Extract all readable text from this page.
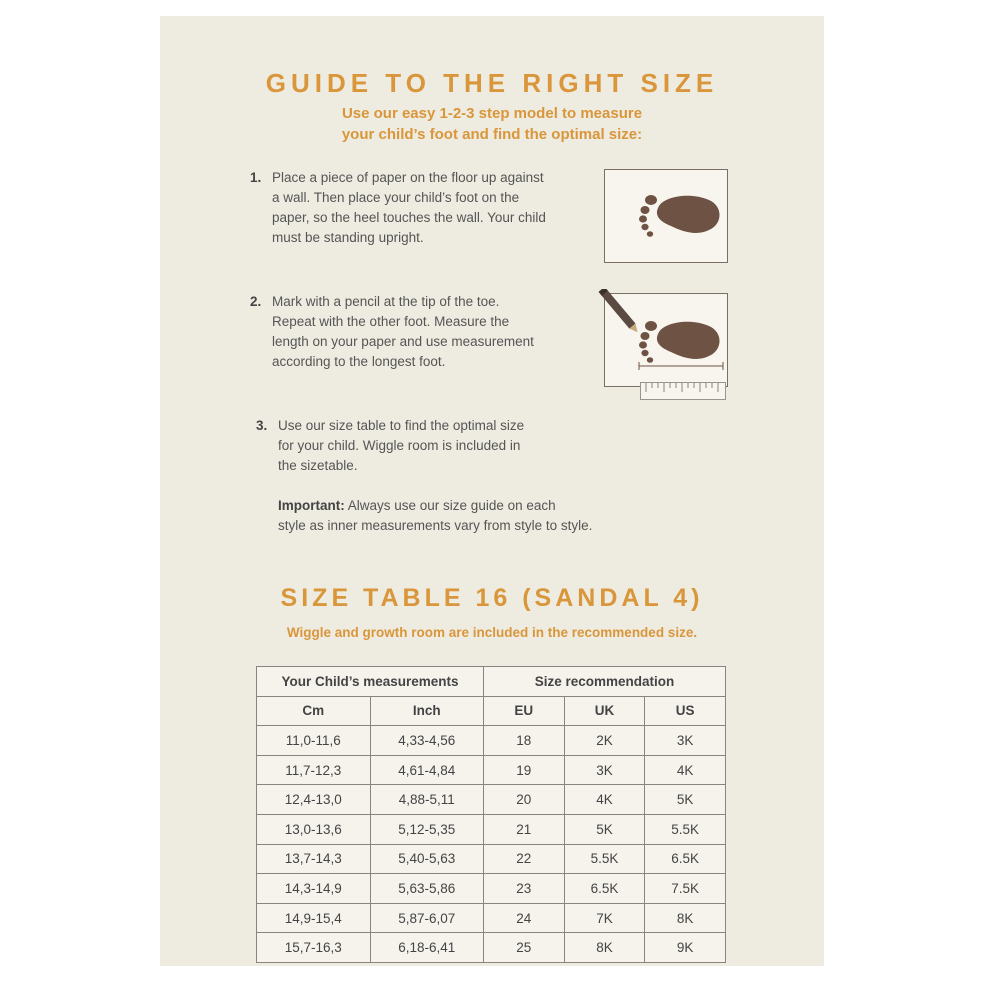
GUIDE TO THE RIGHT SIZE
Use our easy 1-2-3 step model to measure
your child’s foot and find the optimal size:
1. Place a piece of paper on the floor up against
a wall. Then place your child’s foot on the
paper, so the heel touches the wall. Your child
must be standing upright.
2. Mark with a pencil at the tip of the toe.
Repeat with the other foot. Measure the
length on your paper and use measurement
according to the longest foot.
3. Use our size table to find the optimal size
for your child. Wiggle room is included in
the sizetable.
Important: Always use our size guide on each
style as inner measurements vary from style to style.
SIZE TABLE 16 (SANDAL 4)
Wiggle and growth room are included in the recommended size.
Your Child’s measurements		Size recommendation		
Cm	Inch	EU	UK	US
11,0-11,6	4,33-4,56	18	2K	3K
11,7-12,3	4,61-4,84	19	3K	4K
12,4-13,0	4,88-5,11	20	4K	5K
13,0-13,6	5,12-5,35	21	5K	5.5K
13,7-14,3	5,40-5,63	22	5.5K	6.5K
14,3-14,9	5,63-5,86	23	6.5K	7.5K
14,9-15,4	5,87-6,07	24	7K	8K
15,7-16,3	6,18-6,41	25	8K	9K
